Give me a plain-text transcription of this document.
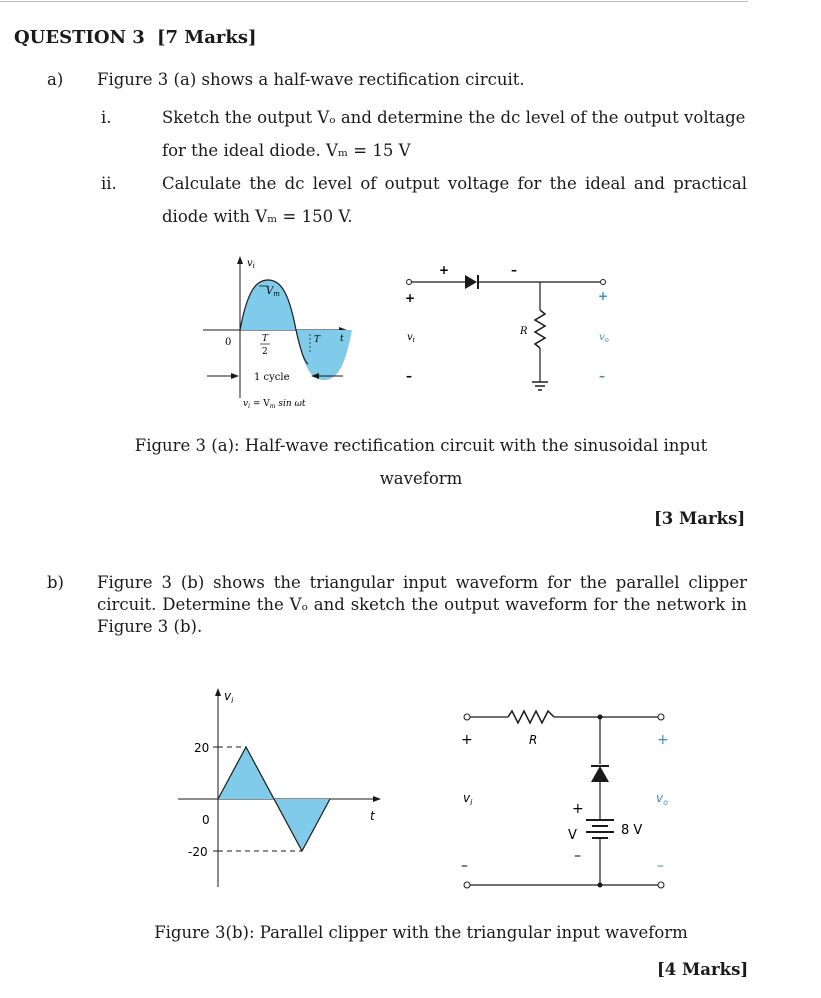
QUESTION 3 [7 Marks]
a) Figure 3 (a) shows a half-wave rectification circuit.
i.	Sketch the output Vₒ and determine the dc level of the output voltage
for the ideal diode. Vₘ = 15 V
ii.	Calculate the dc level of output voltage for the ideal and practical
diode with Vₘ = 150 V.
$v_i$
$V_m$
0	T
2
T t
1 cycle
$v_i = V_m$ sin ωt
+	–
+
$v_i$
–
R
+
$v_o$
–
Figure 3 (a): Half-wave rectification circuit with the sinusoidal input
waveform
[3 Marks]
b) Figure 3 (b) shows the triangular input waveform for the parallel clipper
circuit. Determine the Vₒ and sketch the output waveform for the network in
Figure 3 (b).
$v_i$
20
0
-20
t
R
+	+
+
V	8 V
–
$v_i$	$v_o$
–	–
Figure 3(b): Parallel clipper with the triangular input waveform
[4 Marks]
